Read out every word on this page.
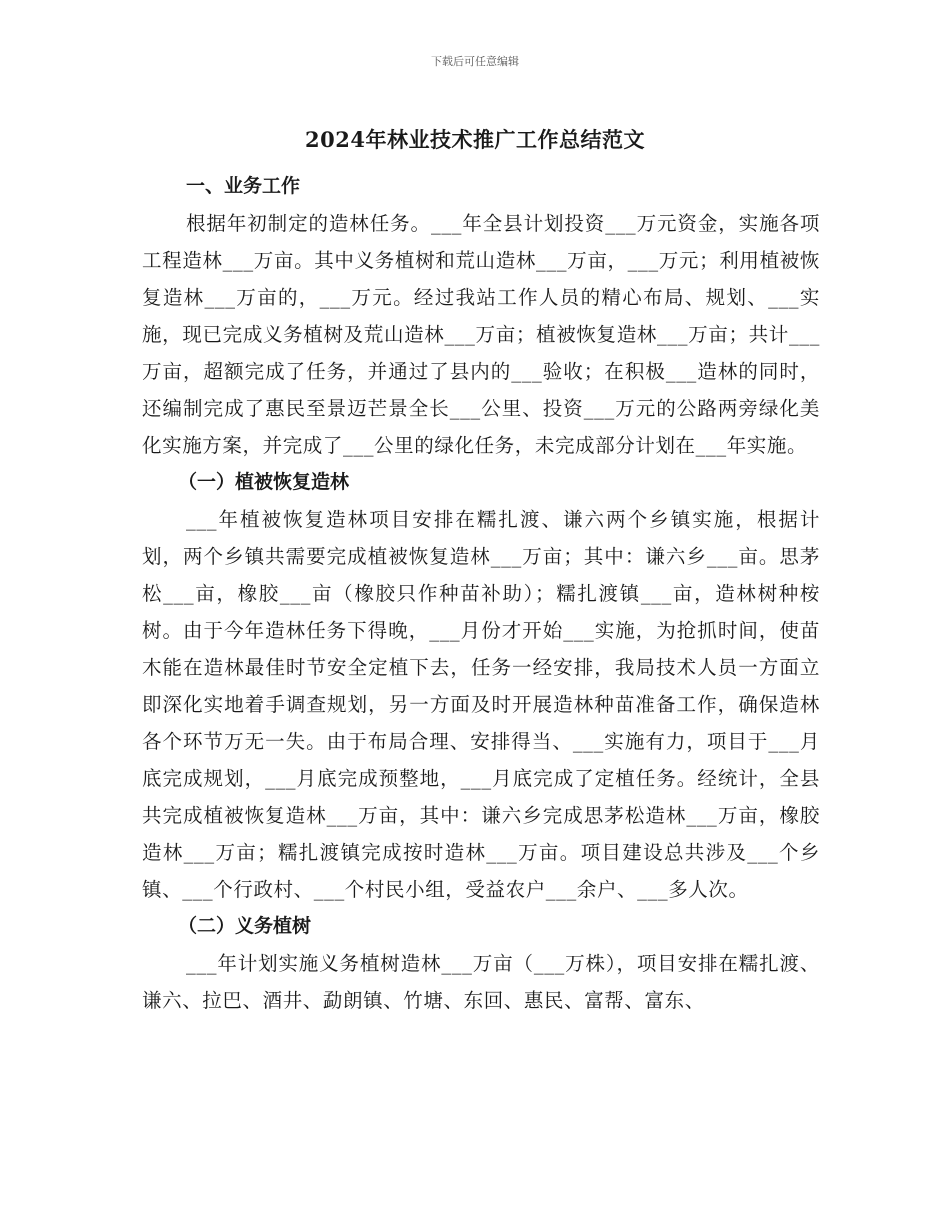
下载后可任意编辑
2024年林业技术推广工作总结范文

一、业务工作

根据年初制定的造林任务。___年全县计划投资___万元资金，实施各项工程造林___万亩。其中义务植树和荒山造林___万亩，___万元；利用植被恢复造林___万亩的，___万元。经过我站工作人员的精心布局、规划、___实施，现已完成义务植树及荒山造林___万亩；植被恢复造林___万亩；共计___万亩，超额完成了任务，并通过了县内的___验收；在积极___造林的同时，还编制完成了惠民至景迈芒景全长___公里、投资___万元的公路两旁绿化美化实施方案，并完成了___公里的绿化任务，未完成部分计划在___年实施。

（一）植被恢复造林

___年植被恢复造林项目安排在糯扎渡、谦六两个乡镇实施，根据计划，两个乡镇共需要完成植被恢复造林___万亩；其中：谦六乡___亩。思茅松___亩，橡胶___亩（橡胶只作种苗补助）；糯扎渡镇___亩，造林树种桉树。由于今年造林任务下得晚，___月份才开始___实施，为抢抓时间，使苗木能在造林最佳时节安全定植下去，任务一经安排，我局技术人员一方面立即深化实地着手调查规划，另一方面及时开展造林种苗准备工作，确保造林各个环节万无一失。由于布局合理、安排得当、___实施有力，项目于___月底完成规划，___月底完成预整地，___月底完成了定植任务。经统计，全县共完成植被恢复造林___万亩，其中：谦六乡完成思茅松造林___万亩，橡胶造林___万亩；糯扎渡镇完成按时造林___万亩。项目建设总共涉及___个乡镇、___个行政村、___个村民小组，受益农户___余户、___多人次。

（二）义务植树

___年计划实施义务植树造林___万亩（___万株），项目安排在糯扎渡、谦六、拉巴、酒井、勐朗镇、竹塘、东回、惠民、富帮、富东、
